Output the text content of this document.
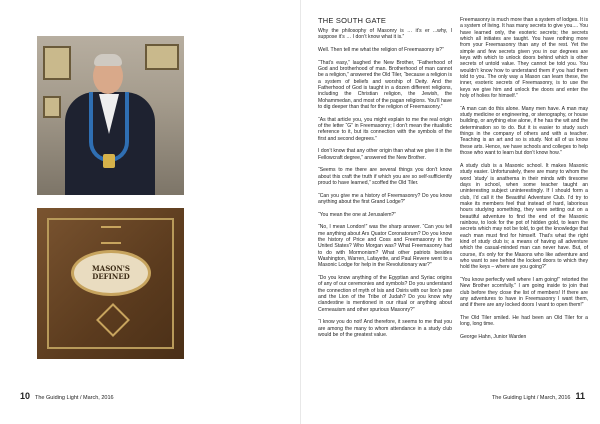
MASON'S
DEFINED
THE SOUTH GATE

Why the philosophy of Masonry is … it’s er ...why, I suppose it’s … I don’t know what it is.”

Well. Then tell me what the religion of Freemasonry is?”

“That’s easy,” laughed the New Brother, “Fatherhood of God and brotherhood of man. Brotherhood of man cannot be a religion,” answered the Old Tiler, “because a religion is a system of beliefs and worship of Deity. And the Fatherhood of God is taught in a dozen different religions, including the Christian religion, the Jewish, the Mohammedan, and most of the pagan religions. You’ll have to dig deeper than that for the religion of Freemasonry.”

“As that article you, you might explain to me the real origin of the letter “G” in Freemasonry; I don’t mean the ritualistic reference to it, but its connection with the symbols of the first and second degrees.”

I don’t know that any other origin than what we give it in the Fellowcraft degree,” answered the New Brother.

“Seems to me there are several things you don’t know about this craft the truth if which you are so self-sufficiently proud to have learned,” scoffed the Old Tiler.

“Can you give me a history of Freemasonry? Do you know anything about the first Grand Lodge?”

“You mean the one at Jerusalem?”

“No, I mean London!” was the sharp answer. “Can you tell me anything about Ars Quator Coronatorum? Do you know the history of Price and Coss and Freemasonry in the United States? Who Morgan was? What Freemasonry had to do with Mormonism? What other patriots besides Washington, Warren, Lafayette, and Paul Revere went to a Masonic Lodge for help in the Revolutionary war?”

“Do you know anything of the Egyptian and Syriac origins of any of our ceremonies and symbols? Do you understand the connection of myth of Isis and Osiris with our lion’s paw and the Lion of the Tribe of Judah? Do you know why clandestine is mentioned in our ritual or anything about Cerneauism and other spurious Masonry?”

“I know you do not! And therefore, it seems to me that you are among the many to whom attendance in a study club would be of the greatest value.

Freemasonry is much more than a system of lodges. It is a system of living. It has many secrets to give you.... You have learned only, the esoteric secrets; the secrets which all initiates are taught. You have nothing more from your Freemasonry than any of the rest. Yet the simple and few secrets given you in our degrees are keys with which to unlock doors behind which is other secrets of untold value. They cannot be told you. You wouldn’t know how to understand them if you had them told to you. The only way a Mason can learn these, the inner, esoteric secrets of Freemasonry, is to use the keys we give him and unlock the doors and enter the holy of holies for himself.”

“A man can do this alone. Many men have. A man may study medicine or engineering, or stenography, or house building, or anything else alone, if he has the wit and the determination so to do. But it is easier to study such things in the company of others and with a teacher. Teaching is an art and so is study. Not all of us know these arts. Hence, we have schools and colleges to help those who want to learn but don’t know how.”

A study club is a Masonic school. It makes Masonic study easier. Unfortunately, there are many to whom the word ‘study’ is anathema in their minds with tiresome days in school, when some teacher taught an uninteresting subject uninterestingly. If I should form a club, I’d call it the Beautiful Adventure Club. I’d try to make its members feel that instead of hard, laborious hours studying something, they were setting out on a beautiful adventure to find the end of the Masonic rainbow, to look for the pot of hidden gold, to learn the secrets which may not be told, to get the knowledge that each man must find for himself. That’s what the right kind of study club is; a means of having all adventure which the casual-minded man can never have. But, of course, it’s only for the Masons who like adventure and who want to see behind the locked doors to which they hold the keys – where are you going?”

“You know perfectly well where I am going!” retorted the New Brother scornfully.” I am going inside to join that club before they close the list of members! If there are any adventures to have in Freemasonry I want them, and if there are any locked doors I want to open them!”

The Old Tiler smiled. He had been an Old Tiler for a long, long time.

George Hahn, Junior Warden

10 The Guiding Light / March, 2016	The Guiding Light / March, 2016 11
